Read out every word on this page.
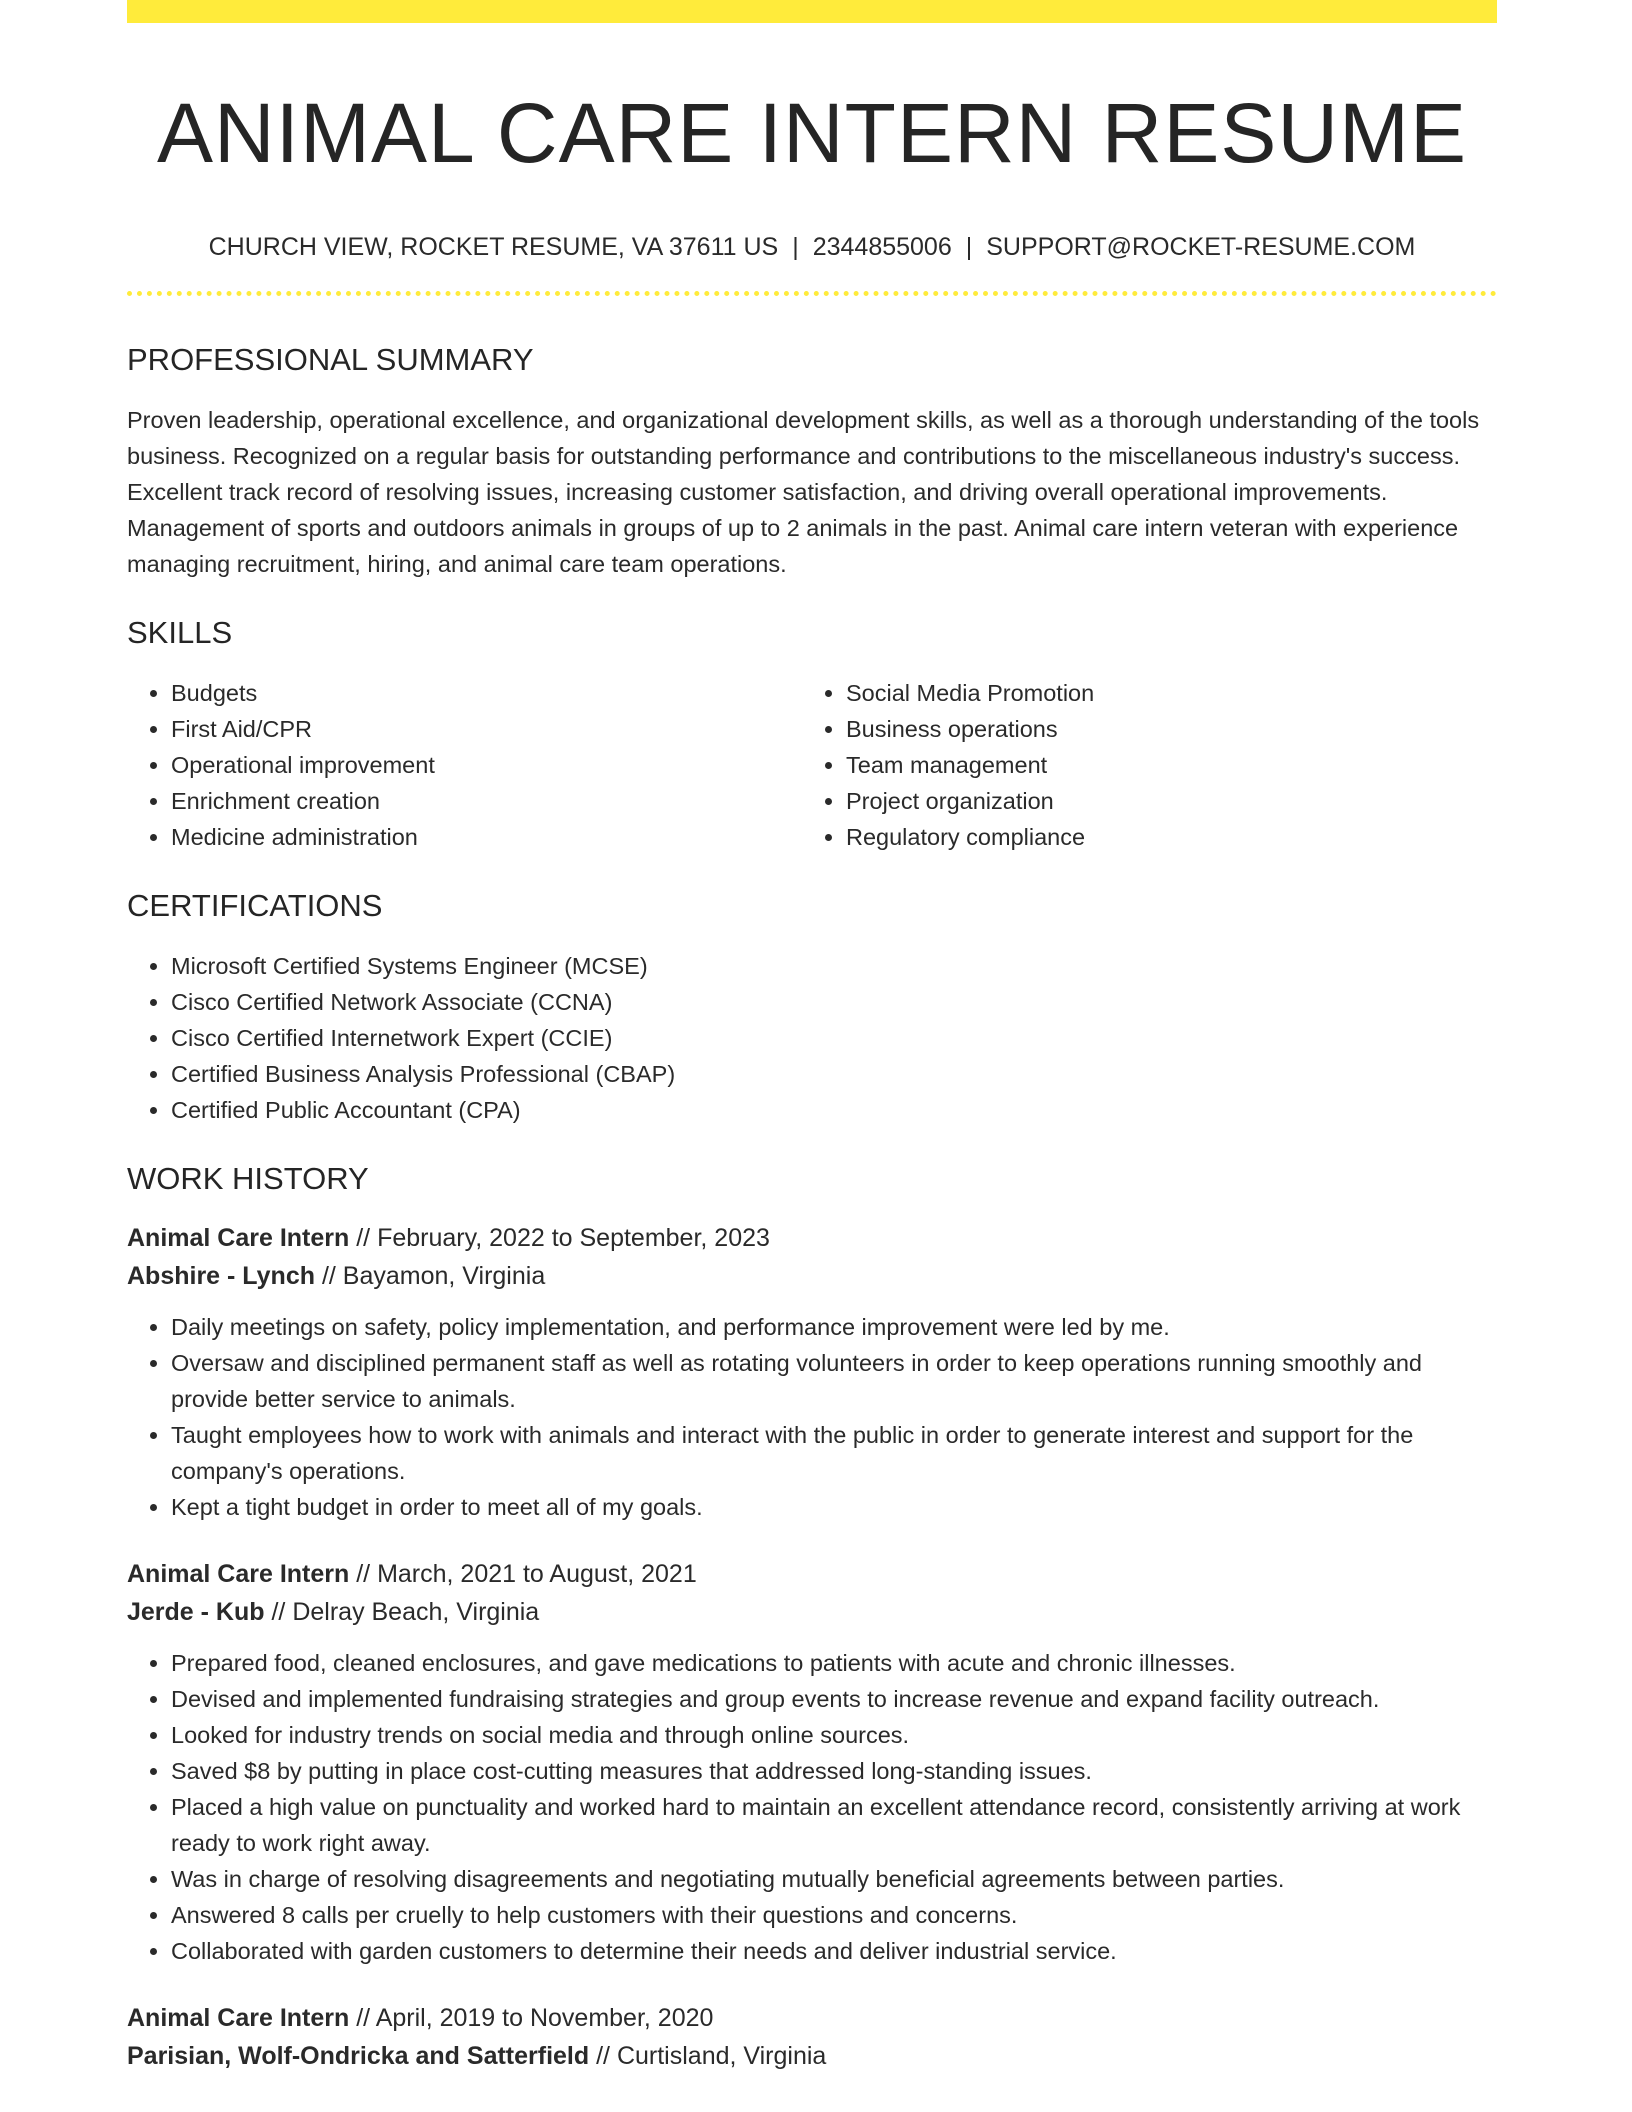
ANIMAL CARE INTERN RESUME
CHURCH VIEW, ROCKET RESUME, VA 37611 US | 2344855006 | SUPPORT@ROCKET-RESUME.COM
PROFESSIONAL SUMMARY

Proven leadership, operational excellence, and organizational development skills, as well as a thorough understanding of the tools business. Recognized on a regular basis for outstanding performance and contributions to the miscellaneous industry's success. Excellent track record of resolving issues, increasing customer satisfaction, and driving overall operational improvements. Management of sports and outdoors animals in groups of up to 2 animals in the past. Animal care intern veteran with experience managing recruitment, hiring, and animal care team operations.

SKILLS
• Budgets
• First Aid/CPR
• Operational improvement
• Enrichment creation
• Medicine administration
• Social Media Promotion
• Business operations
• Team management
• Project organization
• Regulatory compliance
CERTIFICATIONS
• Microsoft Certified Systems Engineer (MCSE)
• Cisco Certified Network Associate (CCNA)
• Cisco Certified Internetwork Expert (CCIE)
• Certified Business Analysis Professional (CBAP)
• Certified Public Accountant (CPA)
WORK HISTORY
Animal Care Intern // February, 2022 to September, 2023
Abshire - Lynch // Bayamon, Virginia
• Daily meetings on safety, policy implementation, and performance improvement were led by me.
• Oversaw and disciplined permanent staff as well as rotating volunteers in order to keep operations running smoothly and provide better service to animals.
• Taught employees how to work with animals and interact with the public in order to generate interest and support for the company's operations.
• Kept a tight budget in order to meet all of my goals.
Animal Care Intern // March, 2021 to August, 2021
Jerde - Kub // Delray Beach, Virginia
• Prepared food, cleaned enclosures, and gave medications to patients with acute and chronic illnesses.
• Devised and implemented fundraising strategies and group events to increase revenue and expand facility outreach.
• Looked for industry trends on social media and through online sources.
• Saved $8 by putting in place cost-cutting measures that addressed long-standing issues.
• Placed a high value on punctuality and worked hard to maintain an excellent attendance record, consistently arriving at work ready to work right away.
• Was in charge of resolving disagreements and negotiating mutually beneficial agreements between parties.
• Answered 8 calls per cruelly to help customers with their questions and concerns.
• Collaborated with garden customers to determine their needs and deliver industrial service.
Animal Care Intern // April, 2019 to November, 2020
Parisian, Wolf-Ondricka and Satterfield // Curtisland, Virginia
